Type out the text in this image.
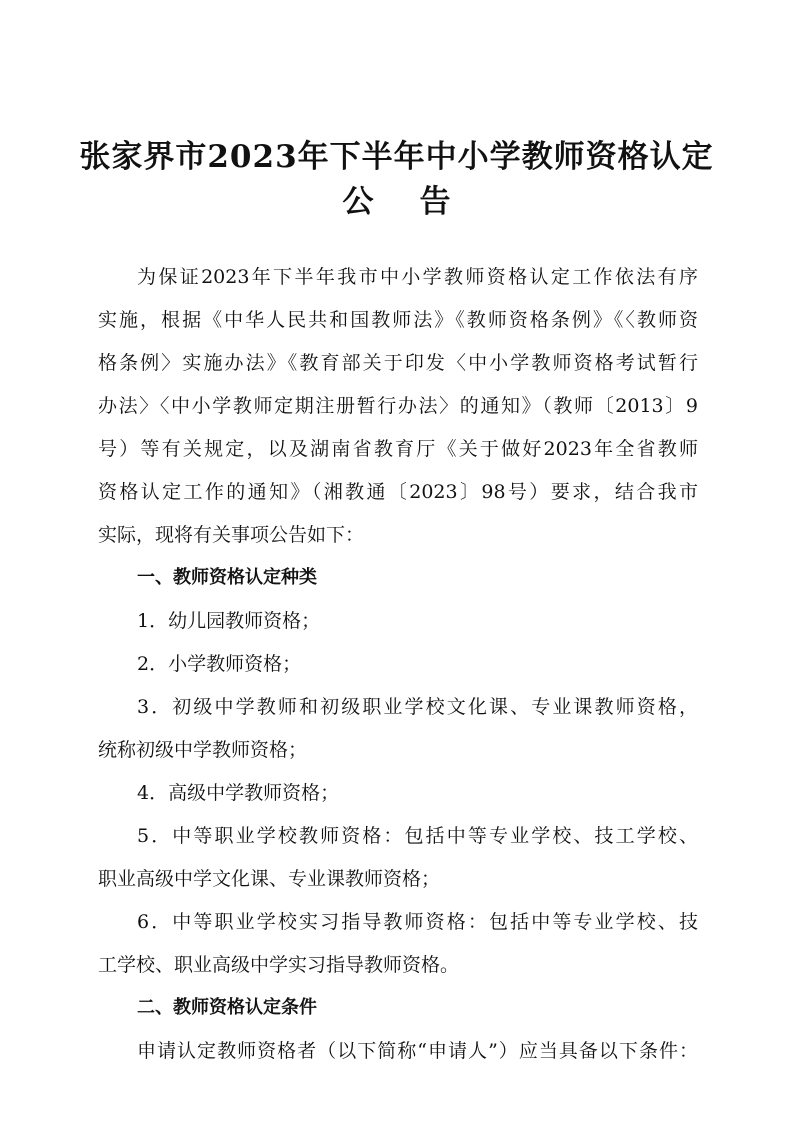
张家界市2023年下半年中小学教师资格认定
公 告
为保证2023年下半年我市中小学教师资格认定工作依法有序
实施，根据《中华人民共和国教师法》《教师资格条例》《〈教师资
格条例〉实施办法》《教育部关于印发〈中小学教师资格考试暂行
办法〉〈中小学教师定期注册暂行办法〉的通知》（教师〔2013〕9
号）等有关规定，以及湖南省教育厅《关于做好2023年全省教师
资格认定工作的通知》（湘教通〔2023〕98号）要求，结合我市
实际，现将有关事项公告如下：
一、教师资格认定种类
1．幼儿园教师资格；
2．小学教师资格；
3．初级中学教师和初级职业学校文化课、专业课教师资格，
统称初级中学教师资格；
4．高级中学教师资格；
5．中等职业学校教师资格：包括中等专业学校、技工学校、
职业高级中学文化课、专业课教师资格；
6．中等职业学校实习指导教师资格：包括中等专业学校、技
工学校、职业高级中学实习指导教师资格。
二、教师资格认定条件
申请认定教师资格者（以下简称“申请人”）应当具备以下条件：
